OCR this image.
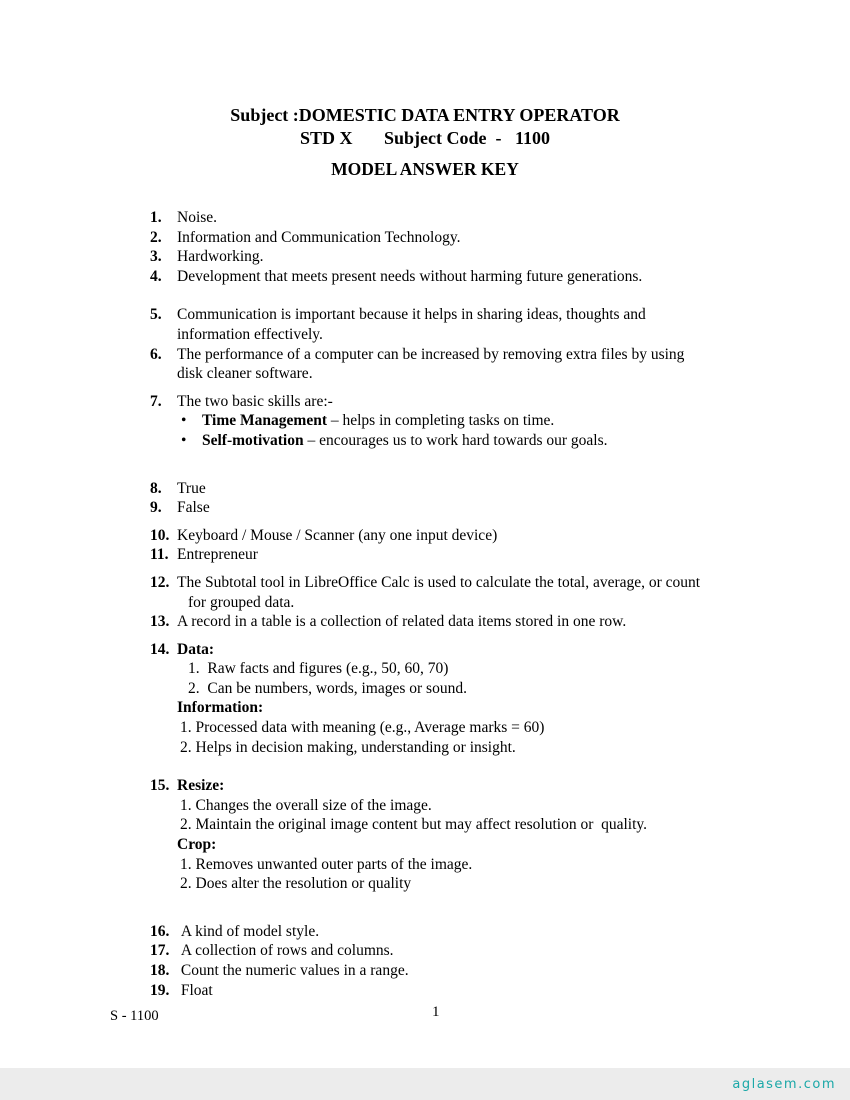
Subject :DOMESTIC DATA ENTRY OPERATOR
STD X       Subject Code  -   1100
MODEL ANSWER KEY
1. Noise.
2. Information and Communication Technology.
3. Hardworking.
4. Development that meets present needs without harming future generations.
5. Communication is important because it helps in sharing ideas, thoughts and
information effectively.
6. The performance of a computer can be increased by removing extra files by using
disk cleaner software.
7. The two basic skills are:-
•	Time Management – helps in completing tasks on time.
•	Self-motivation – encourages us to work hard towards our goals.
8. True
9. False
10. Keyboard / Mouse / Scanner (any one input device)
11. Entrepreneur
12. The Subtotal tool in LibreOffice Calc is used to calculate the total, average, or count
for grouped data.
13. A record in a table is a collection of related data items stored in one row.
14. Data:
1.  Raw facts and figures (e.g., 50, 60, 70)
2.  Can be numbers, words, images or sound.
Information:
1. Processed data with meaning (e.g., Average marks = 60)
2. Helps in decision making, understanding or insight.
15. Resize:
1. Changes the overall size of the image.
2. Maintain the original image content but may affect resolution or  quality.
Crop:
1. Removes unwanted outer parts of the image.
2. Does alter the resolution or quality
16. A kind of model style.
17. A collection of rows and columns.
18. Count the numeric values in a range.
19. Float
S - 1100	1
aglasem.com
